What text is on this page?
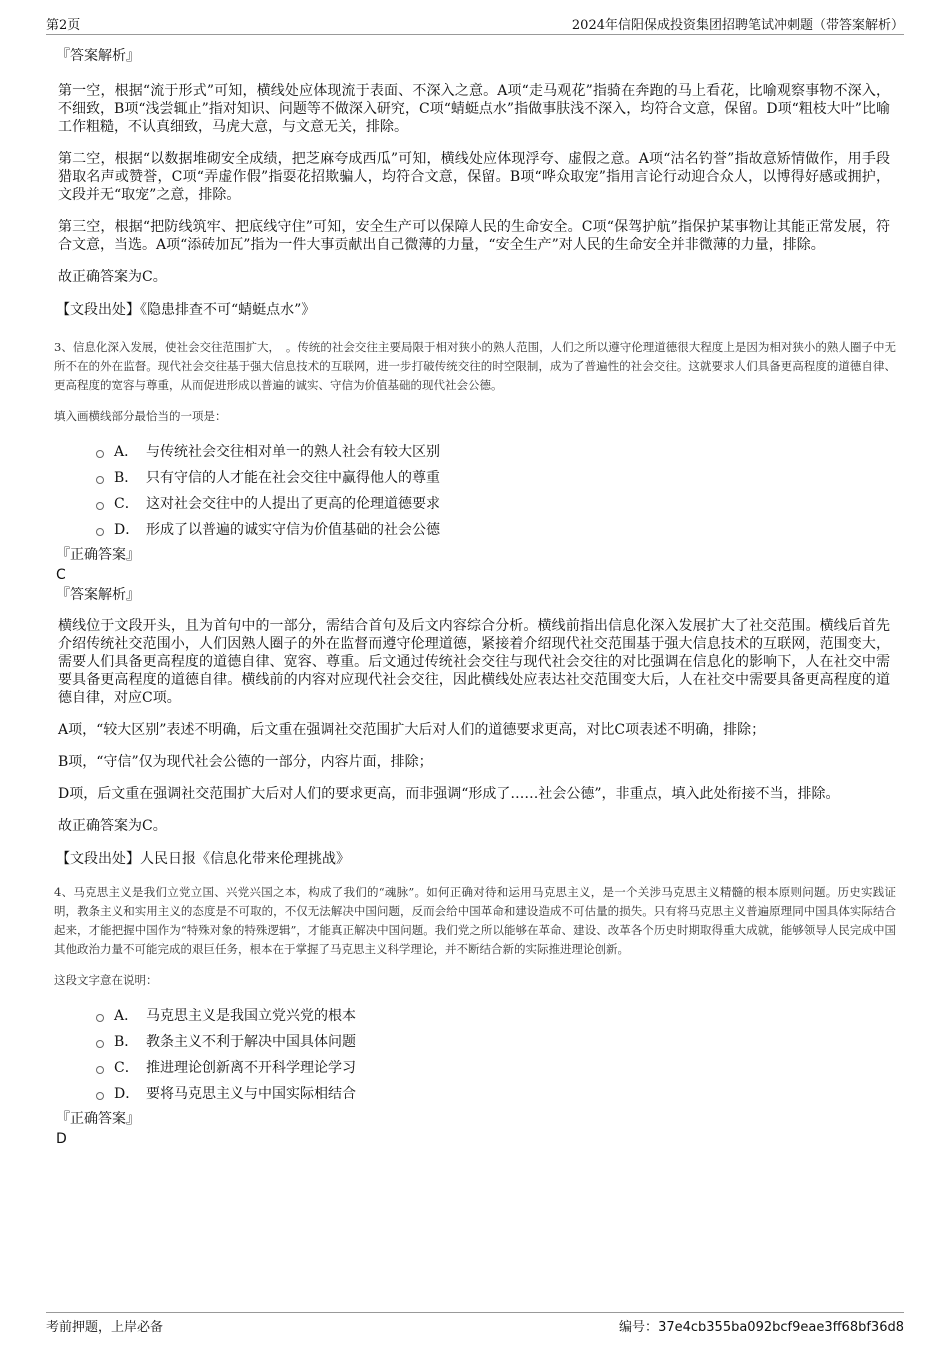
第2页	2024年信阳保成投资集团招聘笔试冲刺题（带答案解析）
『答案解析』
第一空，根据“流于形式”可知，横线处应体现流于表面、不深入之意。A项“走马观花”指骑在奔跑的马上看花，比喻观察事物不深入，不细致，B项“浅尝辄止”指对知识、问题等不做深入研究，C项“蜻蜓点水”指做事肤浅不深入，均符合文意，保留。D项“粗枝大叶”比喻工作粗糙，不认真细致，马虎大意，与文意无关，排除。
第二空，根据“以数据堆砌安全成绩，把芝麻夸成西瓜”可知，横线处应体现浮夸、虚假之意。A项“沽名钓誉”指故意矫情做作，用手段猎取名声或赞誉，C项“弄虚作假”指耍花招欺骗人，均符合文意，保留。B项“哗众取宠”指用言论行动迎合众人，以博得好感或拥护，文段并无“取宠”之意，排除。
第三空，根据“把防线筑牢、把底线守住”可知，安全生产可以保障人民的生命安全。C项“保驾护航”指保护某事物让其能正常发展，符合文意，当选。A项“添砖加瓦”指为一件大事贡献出自己微薄的力量，“安全生产”对人民的生命安全并非微薄的力量，排除。
故正确答案为C。
【文段出处】《隐患排查不可“蜻蜓点水”》
3、信息化深入发展，使社会交往范围扩大，　。传统的社会交往主要局限于相对狭小的熟人范围，人们之所以遵守伦理道德很大程度上是因为相对狭小的熟人圈子中无所不在的外在监督。现代社会交往基于强大信息技术的互联网，进一步打破传统交往的时空限制，成为了普遍性的社会交往。这就要求人们具备更高程度的道德自律、更高程度的宽容与尊重，从而促进形成以普遍的诚实、守信为价值基础的现代社会公德。
填入画横线部分最恰当的一项是：
A． 与传统社会交往相对单一的熟人社会有较大区别
B． 只有守信的人才能在社会交往中赢得他人的尊重
C． 这对社会交往中的人提出了更高的伦理道德要求
D． 形成了以普遍的诚实守信为价值基础的社会公德
『正确答案』
C
『答案解析』
横线位于文段开头，且为首句中的一部分，需结合首句及后文内容综合分析。横线前指出信息化深入发展扩大了社交范围。横线后首先介绍传统社交范围小，人们因熟人圈子的外在监督而遵守伦理道德，紧接着介绍现代社交范围基于强大信息技术的互联网，范围变大，需要人们具备更高程度的道德自律、宽容、尊重。后文通过传统社会交往与现代社会交往的对比强调在信息化的影响下，人在社交中需要具备更高程度的道德自律。横线前的内容对应现代社会交往，因此横线处应表达社交范围变大后，人在社交中需要具备更高程度的道德自律，对应C项。
A项，“较大区别”表述不明确，后文重在强调社交范围扩大后对人们的道德要求更高，对比C项表述不明确，排除；
B项，“守信”仅为现代社会公德的一部分，内容片面，排除；
D项，后文重在强调社交范围扩大后对人们的要求更高，而非强调“形成了……社会公德”，非重点，填入此处衔接不当，排除。
故正确答案为C。
【文段出处】人民日报《信息化带来伦理挑战》
4、马克思主义是我们立党立国、兴党兴国之本，构成了我们的“魂脉”。如何正确对待和运用马克思主义，是一个关涉马克思主义精髓的根本原则问题。历史实践证明，教条主义和实用主义的态度是不可取的，不仅无法解决中国问题，反而会给中国革命和建设造成不可估量的损失。只有将马克思主义普遍原理同中国具体实际结合起来，才能把握中国作为“特殊对象的特殊逻辑”，才能真正解决中国问题。我们党之所以能够在革命、建设、改革各个历史时期取得重大成就，能够领导人民完成中国其他政治力量不可能完成的艰巨任务，根本在于掌握了马克思主义科学理论，并不断结合新的实际推进理论创新。
这段文字意在说明：
A． 马克思主义是我国立党兴党的根本
B． 教条主义不利于解决中国具体问题
C． 推进理论创新离不开科学理论学习
D． 要将马克思主义与中国实际相结合
『正确答案』
D
考前押题，上岸必备	编号：37e4cb355ba092bcf9eae3ff68bf36d8
